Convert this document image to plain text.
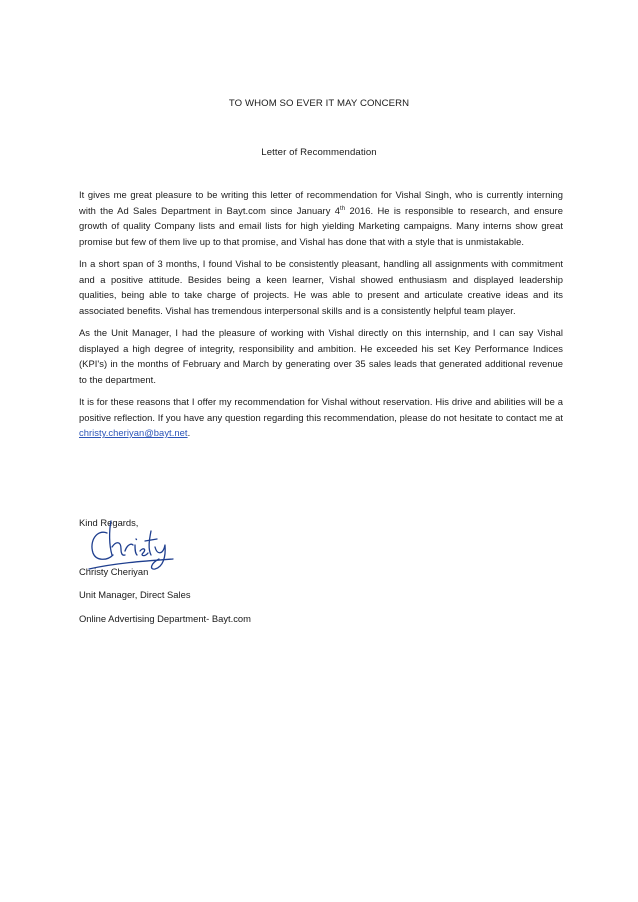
TO WHOM SO EVER IT MAY CONCERN
Letter of Recommendation

It gives me great pleasure to be writing this letter of recommendation for Vishal Singh, who is currently interning with the Ad Sales Department in Bayt.com since January 4th 2016. He is responsible to research, and ensure growth of quality Company lists and email lists for high yielding Marketing campaigns. Many interns show great promise but few of them live up to that promise, and Vishal has done that with a style that is unmistakable.

In a short span of 3 months, I found Vishal to be consistently pleasant, handling all assignments with commitment and a positive attitude. Besides being a keen learner, Vishal showed enthusiasm and displayed leadership qualities, being able to take charge of projects. He was able to present and articulate creative ideas and its associated benefits. Vishal has tremendous interpersonal skills and is a consistently helpful team player.

As the Unit Manager, I had the pleasure of working with Vishal directly on this internship, and I can say Vishal displayed a high degree of integrity, responsibility and ambition. He exceeded his set Key Performance Indices (KPI's) in the months of February and March by generating over 35 sales leads that generated additional revenue to the department.

It is for these reasons that I offer my recommendation for Vishal without reservation. His drive and abilities will be a positive reflection. If you have any question regarding this recommendation, please do not hesitate to contact me at christy.cheriyan@bayt.net.

Kind Regards,
Christy Cheriyan
Unit Manager, Direct Sales
Online Advertising Department- Bayt.com
